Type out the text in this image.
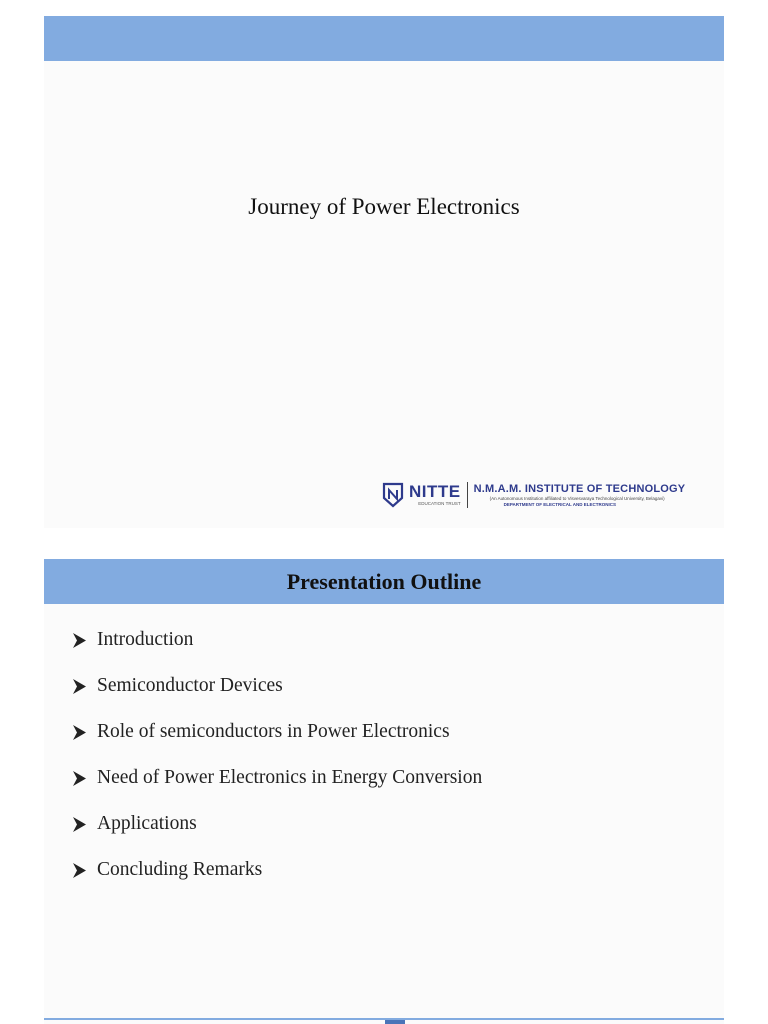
Journey of Power Electronics
NITTE
EDUCATION TRUST
N.M.A.M. INSTITUTE OF TECHNOLOGY
(An Autonomous Institution affiliated to Visvesvaraya Technological University, Belagavi)
DEPARTMENT OF ELECTRICAL AND ELECTRONICS
Presentation Outline
Introduction
Semiconductor Devices
Role of semiconductors in Power Electronics
Need of Power Electronics in Energy Conversion
Applications
Concluding Remarks
